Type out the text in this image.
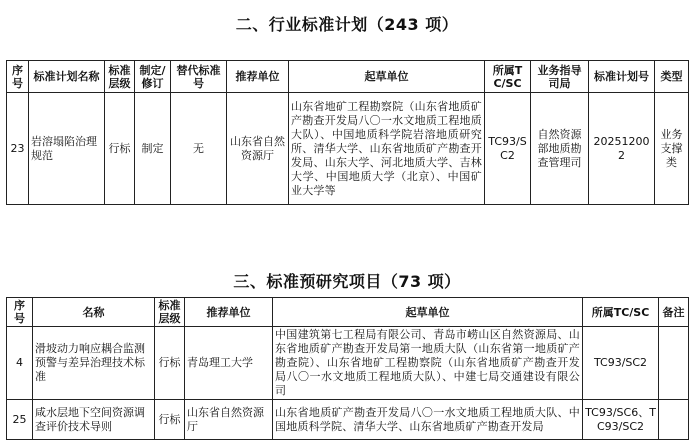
二、行业标准计划（243 项）
序号	标准计划名称	标准层级	制定/修订	替代标准号	推荐单位	起草单位	所属TC/SC	业务指导司局	标准计划号	类型
23	岩溶塌陷治理规范	行标	制定	无	山东省自然资源厅	山东省地矿工程勘察院（山东省地质矿产勘查开发局八〇一水文地质工程地质大队）、中国地质科学院岩溶地质研究所、清华大学、山东省地质矿产勘查开发局、山东大学、河北地质大学、吉林大学、中国地质大学（北京）、中国矿业大学等	TC93/SC2	自然资源部地质勘查管理司	202512002	业务支撑类
三、标准预研究项目（73 项）
序号	名称	标准层级	推荐单位	起草单位	所属TC/SC	备注
4	滑坡动力响应耦合监测预警与差异治理技术标准	行标	青岛理工大学	中国建筑第七工程局有限公司、青岛市崂山区自然资源局、山东省地质矿产勘查开发局第一地质大队（山东省第一地质矿产勘查院）、山东省地矿工程勘察院（山东省地质矿产勘查开发局八〇一水文地质工程地质大队）、中建七局交通建设有限公司	TC93/SC2	
25	咸水层地下空间资源调查评价技术导则	行标	山东省自然资源厅	山东省地质矿产勘查开发局八〇一水文地质工程地质大队、中国地质科学院、清华大学、山东省地质矿产勘查开发局	TC93/SC6、TC93/SC2	
